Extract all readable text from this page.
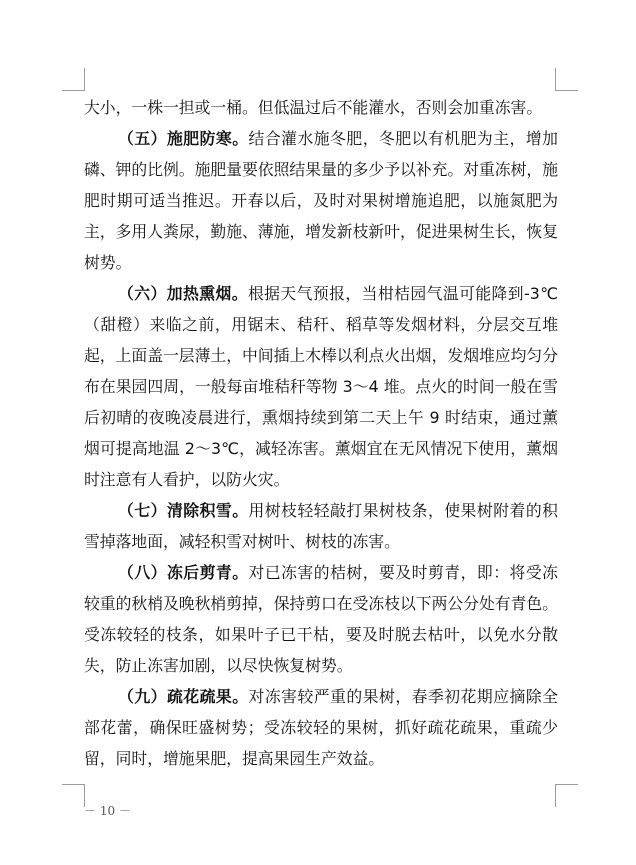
大小，一株一担或一桶。但低温过后不能灌水，否则会加重冻害。

（五）施肥防寒。结合灌水施冬肥，冬肥以有机肥为主，增加磷、钾的比例。施肥量要依照结果量的多少予以补充。对重冻树，施肥时期可适当推迟。开春以后，及时对果树增施追肥，以施氮肥为主，多用人粪尿，勤施、薄施，增发新枝新叶，促进果树生长，恢复树势。

（六）加热熏烟。根据天气预报，当柑桔园气温可能降到-3℃（甜橙）来临之前，用锯末、秸秆、稻草等发烟材料，分层交互堆起，上面盖一层薄土，中间插上木棒以利点火出烟，发烟堆应均匀分布在果园四周，一般每亩堆秸秆等物 3～4 堆。点火的时间一般在雪后初晴的夜晚凌晨进行，熏烟持续到第二天上午 9 时结束，通过薰烟可提高地温 2～3℃，减轻冻害。薰烟宜在无风情况下使用，薰烟时注意有人看护，以防火灾。

（七）清除积雪。用树枝轻轻敲打果树枝条，使果树附着的积雪掉落地面，减轻积雪对树叶、树枝的冻害。

（八）冻后剪青。对已冻害的桔树，要及时剪青，即：将受冻较重的秋梢及晚秋梢剪掉，保持剪口在受冻枝以下两公分处有青色。受冻较轻的枝条，如果叶子已干枯，要及时脱去枯叶，以免水分散失，防止冻害加剧，以尽快恢复树势。

（九）疏花疏果。对冻害较严重的果树，春季初花期应摘除全部花蕾，确保旺盛树势；受冻较轻的果树，抓好疏花疏果，重疏少留，同时，增施果肥，提高果园生产效益。

－ 10 －
